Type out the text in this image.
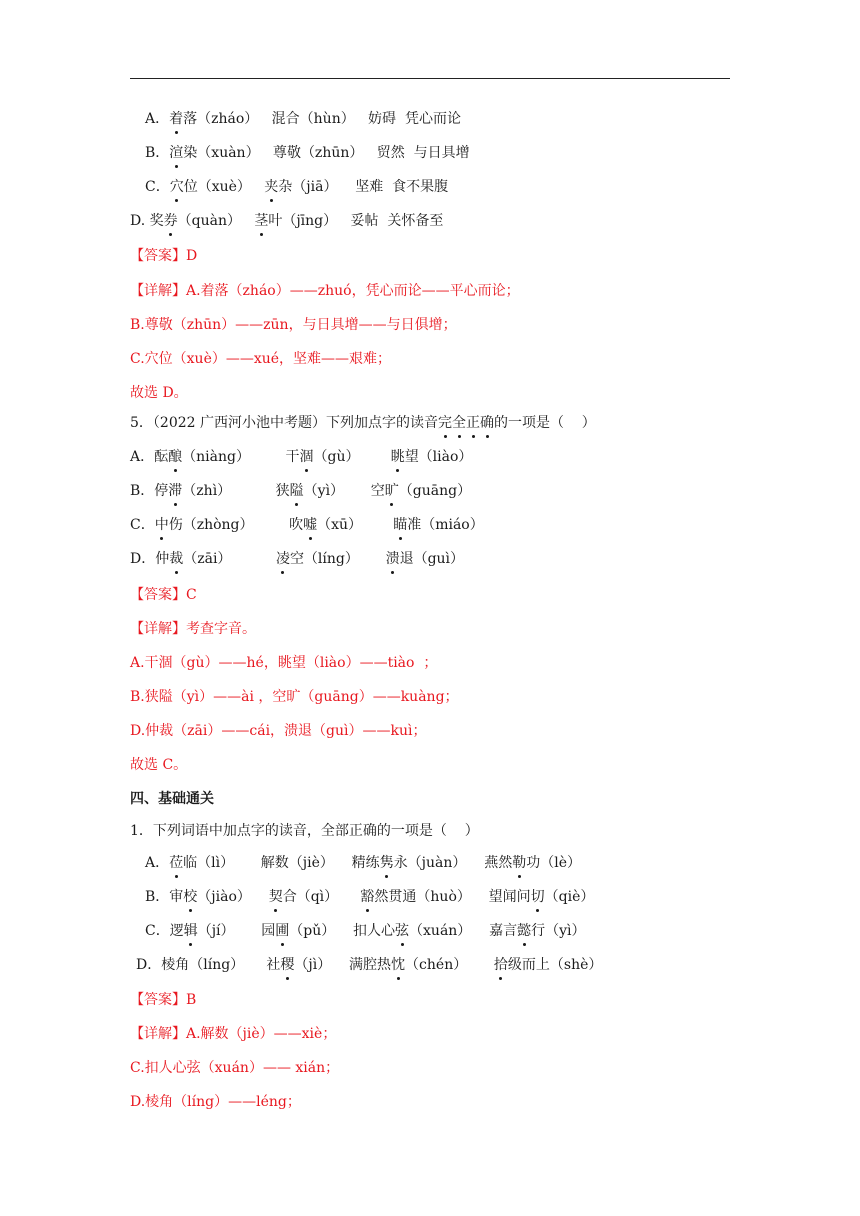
A．着落（zháo）   混合（hùn）   妨碍  凭心而论
B．渲染（xuàn）   尊敬（zhūn）   贸然  与日具增
C．穴位（xuè）   夹杂（jiā）    坚难  食不果腹
D. 奖券（quàn）   茎叶（jīng）   妥帖  关怀备至
【答案】D
【详解】A.着落（zháo）——zhuó，凭心而论——平心而论；
B.尊敬（zhūn）——zūn，与日具增——与日俱增；
C.穴位（xuè）——xué，坚难——艰难；
故选 D。
5．（2022 广西河小池中考题）下列加点字的读音完全正确的一项是（    ）
A．酝酿（niàng）        干涸（gù）       眺望（liào）
B．停滞（zhì）          狭隘（yì）      空旷（guāng）
C．中伤（zhòng）        吹嘘（xū）       瞄准（miáo）
D．仲裁（zāi）          凌空（líng）      溃退（guì）
【答案】C
【详解】考查字音。
A.干涸（gù）——hé，眺望（liào）——tiào  ；
B.狭隘（yì）——ài ，空旷（guāng）——kuàng；
D.仲裁（zāi）——cái，溃退（guì）——kuì；
故选 C。
四、基础通关
1．下列词语中加点字的读音，全部正确的一项是（    ）
A．莅临（lì）      解数（jiè）    精练隽永（juàn）    燕然勒功（lè）
B．审校（jiào）    契合（qì）     豁然贯通（huò）    望闻问切（qiè）
C．逻辑（jí）      园圃（pǔ）    扣人心弦（xuán）    嘉言懿行（yì）
D．棱角（líng）     社稷（jì）    满腔热忱（chén）      拾级而上（shè）
【答案】B
【详解】A.解数（jiè）——xiè；
C.扣人心弦（xuán）—— xián；
D.棱角（líng）——léng；
